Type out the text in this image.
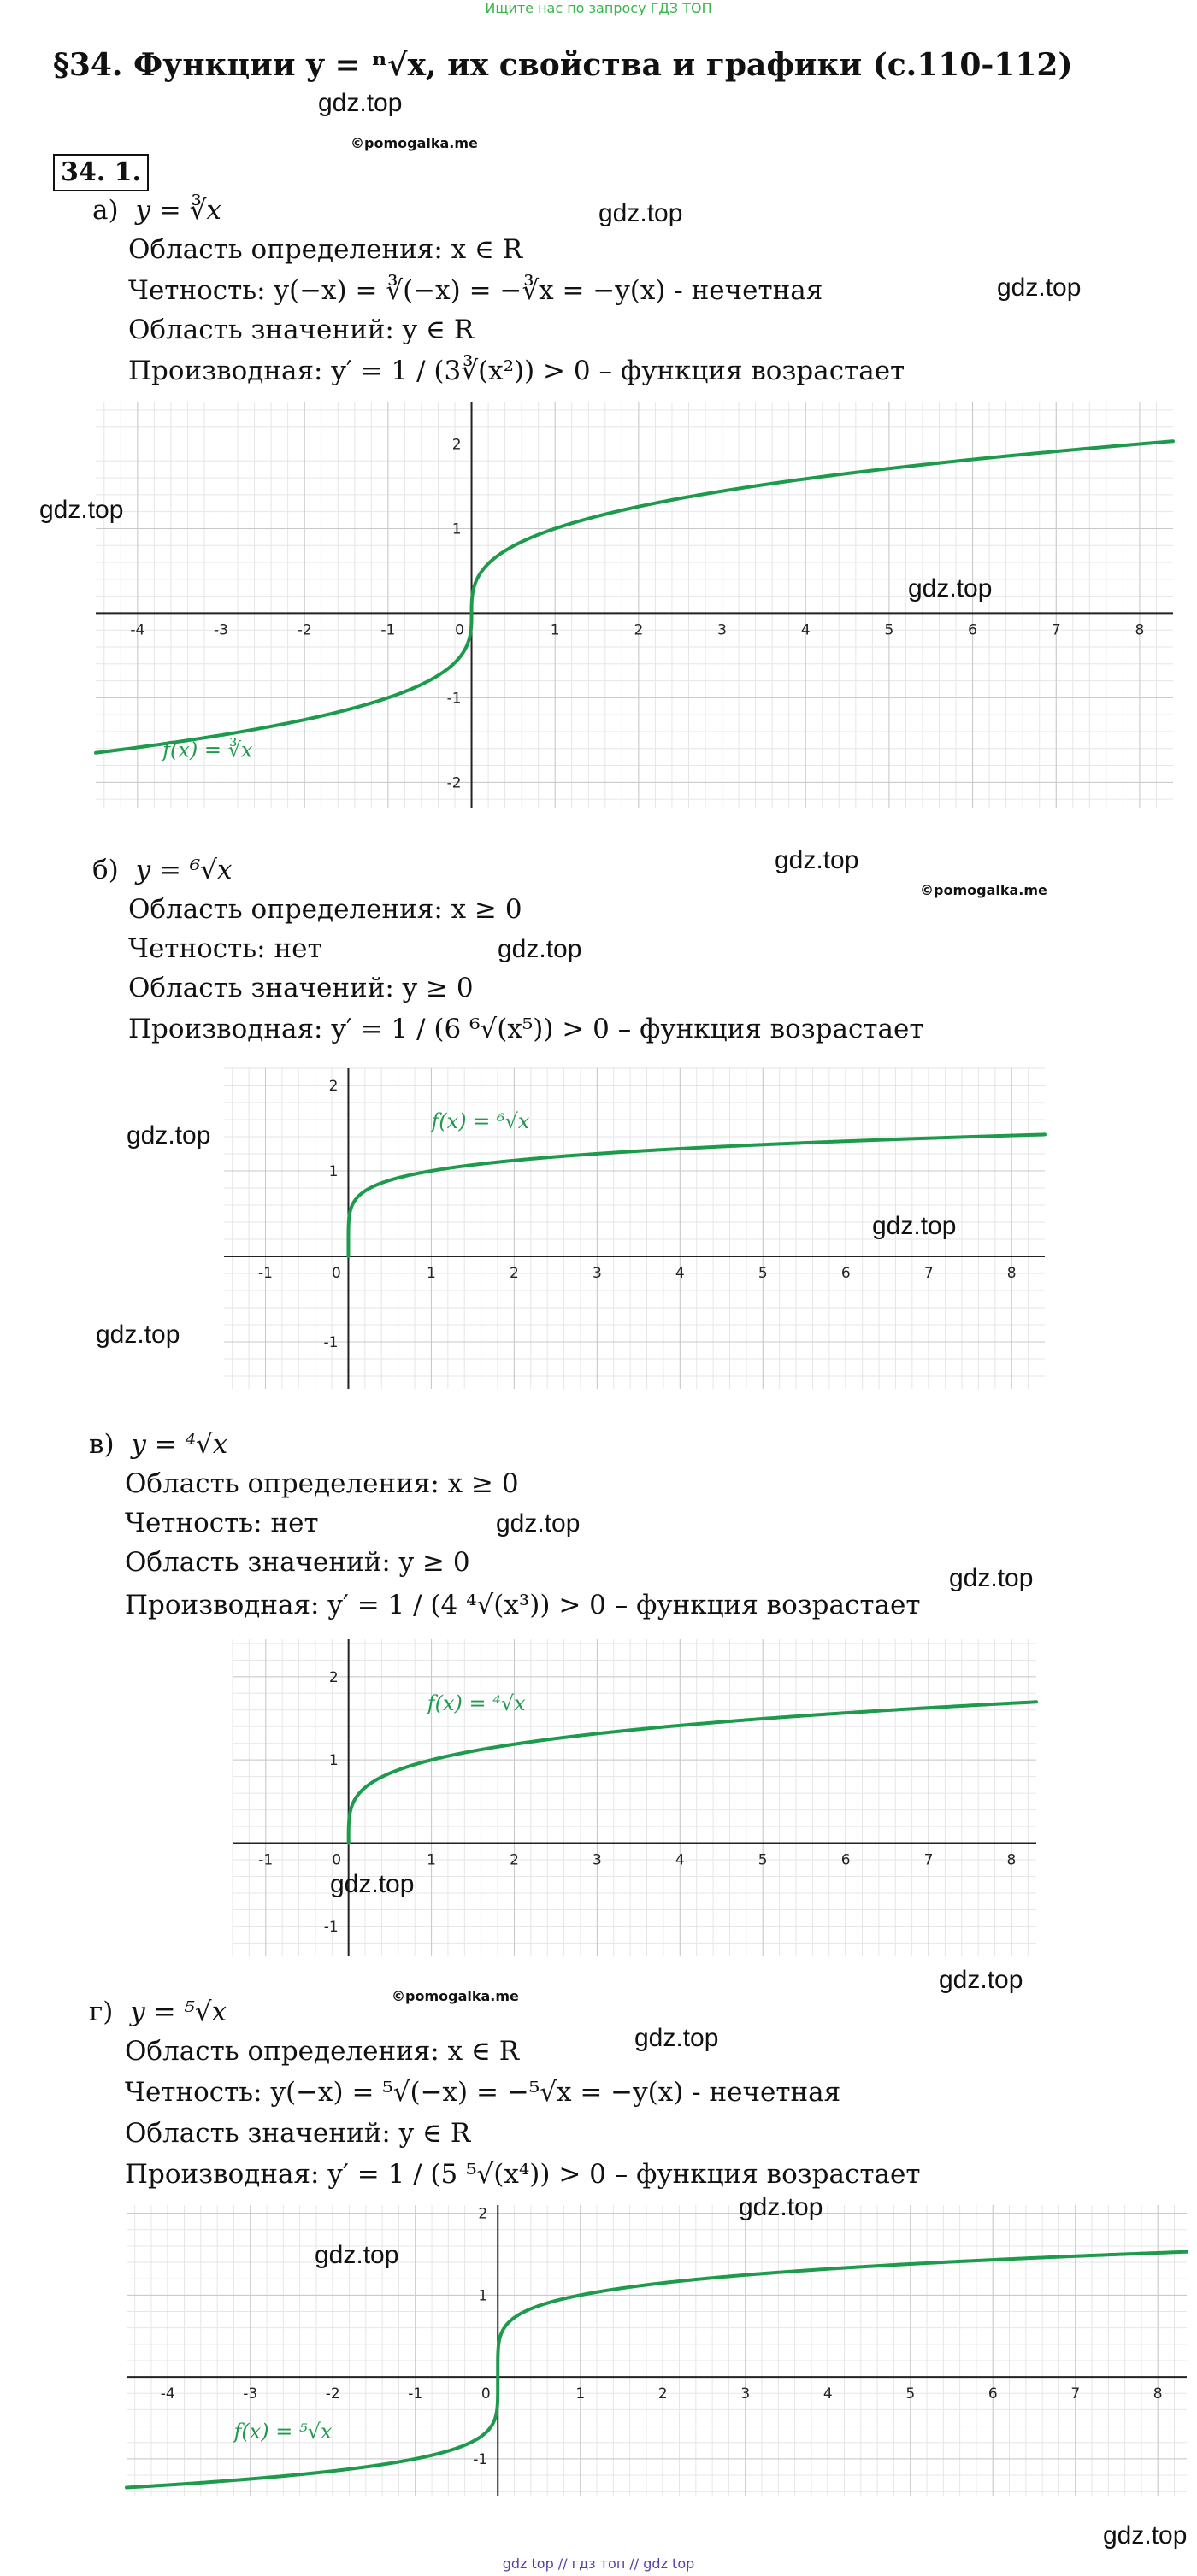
Ищите нас по запросу ГДЗ ТОП
§34. Функции y = ⁿ√x, их свойства и графики (с.110-112)
gdz.top
©pomogalka.me
34. 1.
а) y = ∛x
Область определения: x ∈ R
Четность: y(−x) = ∛(−x) = −∛x = −y(x) - нечетная
Область значений: y ∈ R
Производная: y′ = 1 / (3∛(x²)) > 0 – функция возрастает
gdz.top
gdz.top
-4	-3	-2	-1	0	1	2	3	4	5	6	7	8
-2
-1
1
2
f(x) = ∛x
gdz.top
gdz.top
б) y = ⁶√x	gdz.top
©pomogalka.me
Область определения: x ≥ 0
Четность: нет	gdz.top
Область значений: y ≥ 0
Производная: y′ = 1 / (6 ⁶√(x⁵)) > 0 – функция возрастает
-1	0	1	2	3	4	5	6	7	8
-1
1
2
f(x) = ⁶√x
gdz.top
gdz.top
gdz.top
в) y = ⁴√x
Область определения: x ≥ 0
Четность: нет	gdz.top
Область значений: y ≥ 0
gdz.top
Производная: y′ = 1 / (4 ⁴√(x³)) > 0 – функция возрастает
-1	0	1	2	3	4	5	6	7	8
-1
1
2
f(x) = ⁴√x
gdz.top
gdz.top
©pomogalka.me
г) y = ⁵√x
Область определения: x ∈ R	gdz.top
Четность: y(−x) = ⁵√(−x) = −⁵√x = −y(x) - нечетная
Область значений: y ∈ R
Производная: y′ = 1 / (5 ⁵√(x⁴)) > 0 – функция возрастает
-4	-3	-2	-1	0	1	2	3	4	5	6	7	8
-1
1
2
f(x) = ⁵√x
gdz.top
gdz.top
gdz.top
gdz top // гдз топ // gdz top
